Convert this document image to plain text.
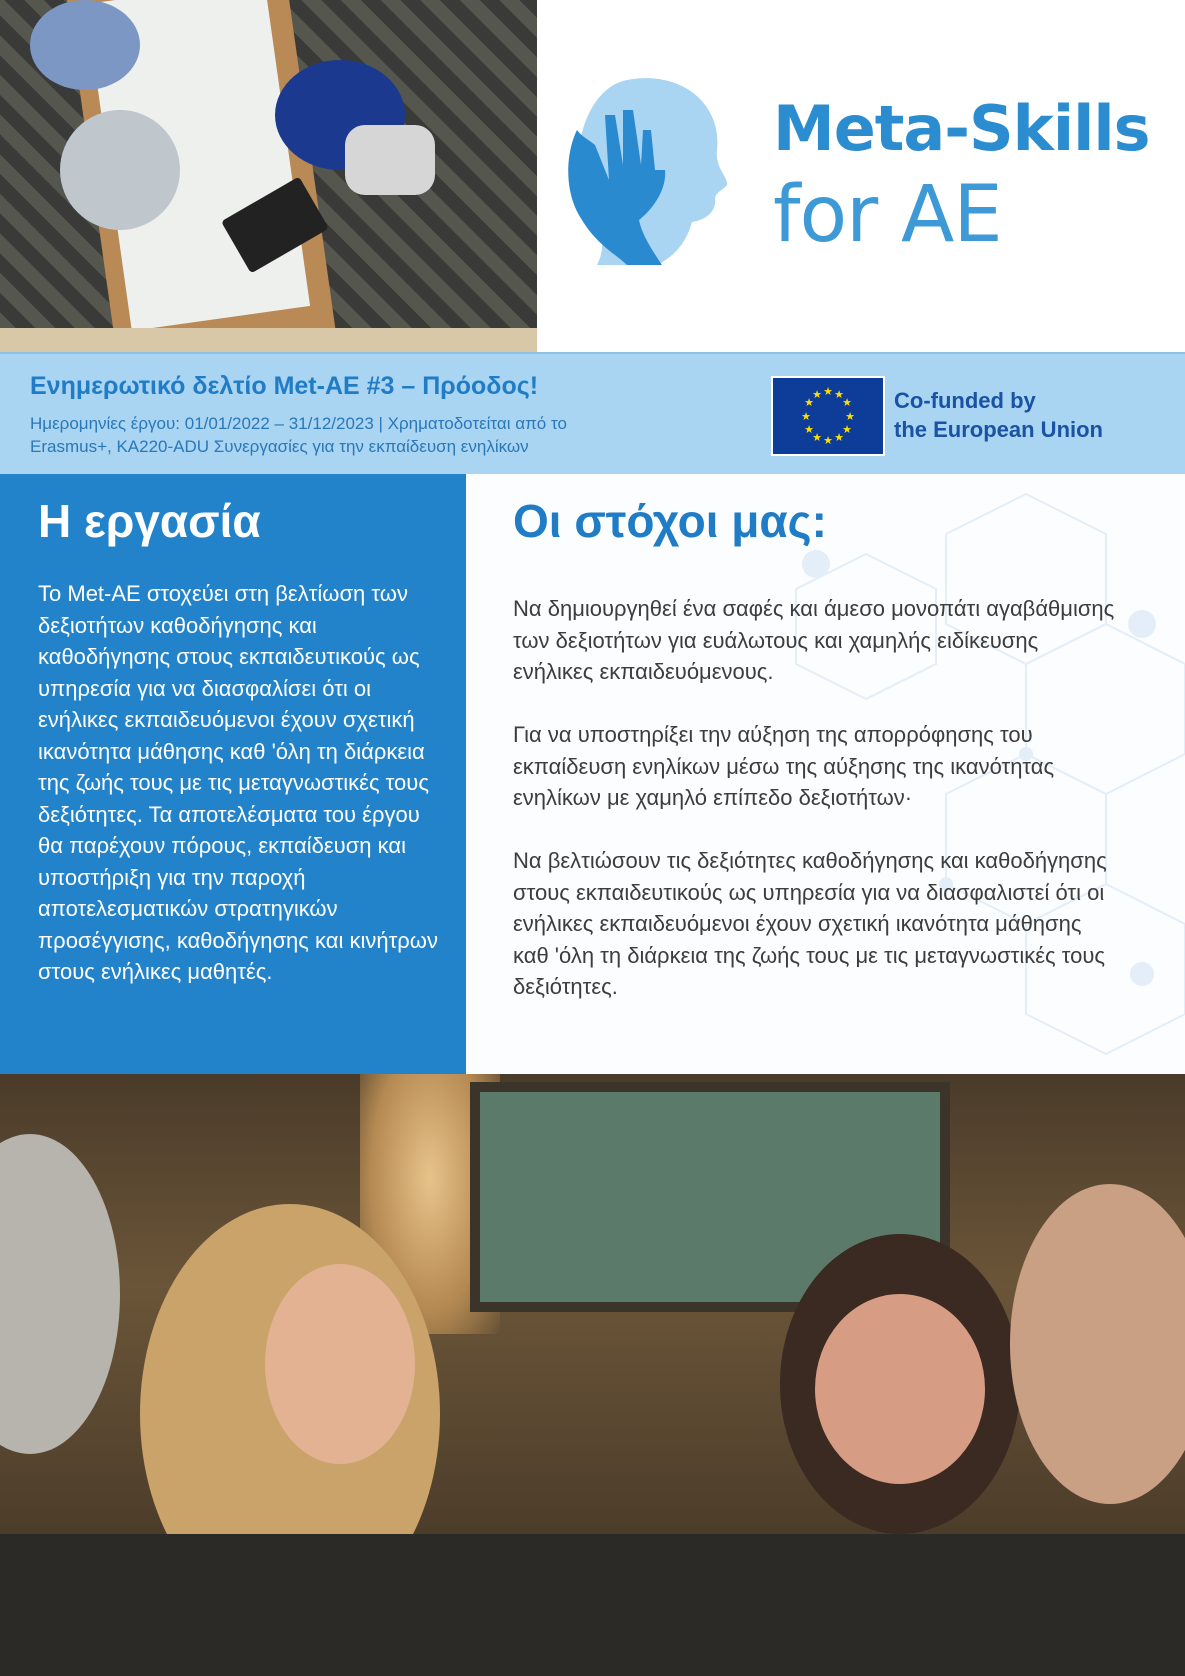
Meta-Skills
for AE
Ενημερωτικό δελτίο Met-AE #3 – Πρόοδος!
Ημερομηνίες έργου: 01/01/2022 – 31/12/2023 | Χρηματοδοτείται από το
Erasmus+, KA220-ADU Συνεργασίες για την εκπαίδευση ενηλίκων
★ ★
★
★
★
★
★
★
★
★
★
★	Co-funded by
the European Union
Η εργασία

Το Met-AE στοχεύει στη βελτίωση των δεξιοτήτων καθοδήγησης και καθοδήγησης στους εκπαιδευτικούς ως υπηρεσία για να διασφαλίσει ότι οι ενήλικες εκπαιδευόμενοι έχουν σχετική ικανότητα μάθησης καθ 'όλη τη διάρκεια της ζωής τους με τις μεταγνωστικές τους δεξιότητες. Τα αποτελέσματα του έργου θα παρέχουν πόρους, εκπαίδευση και υποστήριξη για την παροχή αποτελεσματικών στρατηγικών προσέγγισης, καθοδήγησης και κινήτρων στους ενήλικες μαθητές.

Οι στόχοι μας:

Να δημιουργηθεί ένα σαφές και άμεσο μονοπάτι αγαβάθμισης των δεξιοτήτων για ευάλωτους και χαμηλής ειδίκευσης ενήλικες εκπαιδευόμενους.

Για να υποστηρίξει την αύξηση της απορρόφησης του εκπαίδευση ενηλίκων μέσω της αύξησης της ικανότητας ενηλίκων με χαμηλό επίπεδο δεξιοτήτων·

Να βελτιώσουν τις δεξιότητες καθοδήγησης και καθοδήγησης στους εκπαιδευτικούς ως υπηρεσία για να διασφαλιστεί ότι οι ενήλικες εκπαιδευόμενοι έχουν σχετική ικανότητα μάθησης καθ 'όλη τη διάρκεια της ζωής τους με τις μεταγνωστικές τους δεξιότητες.
